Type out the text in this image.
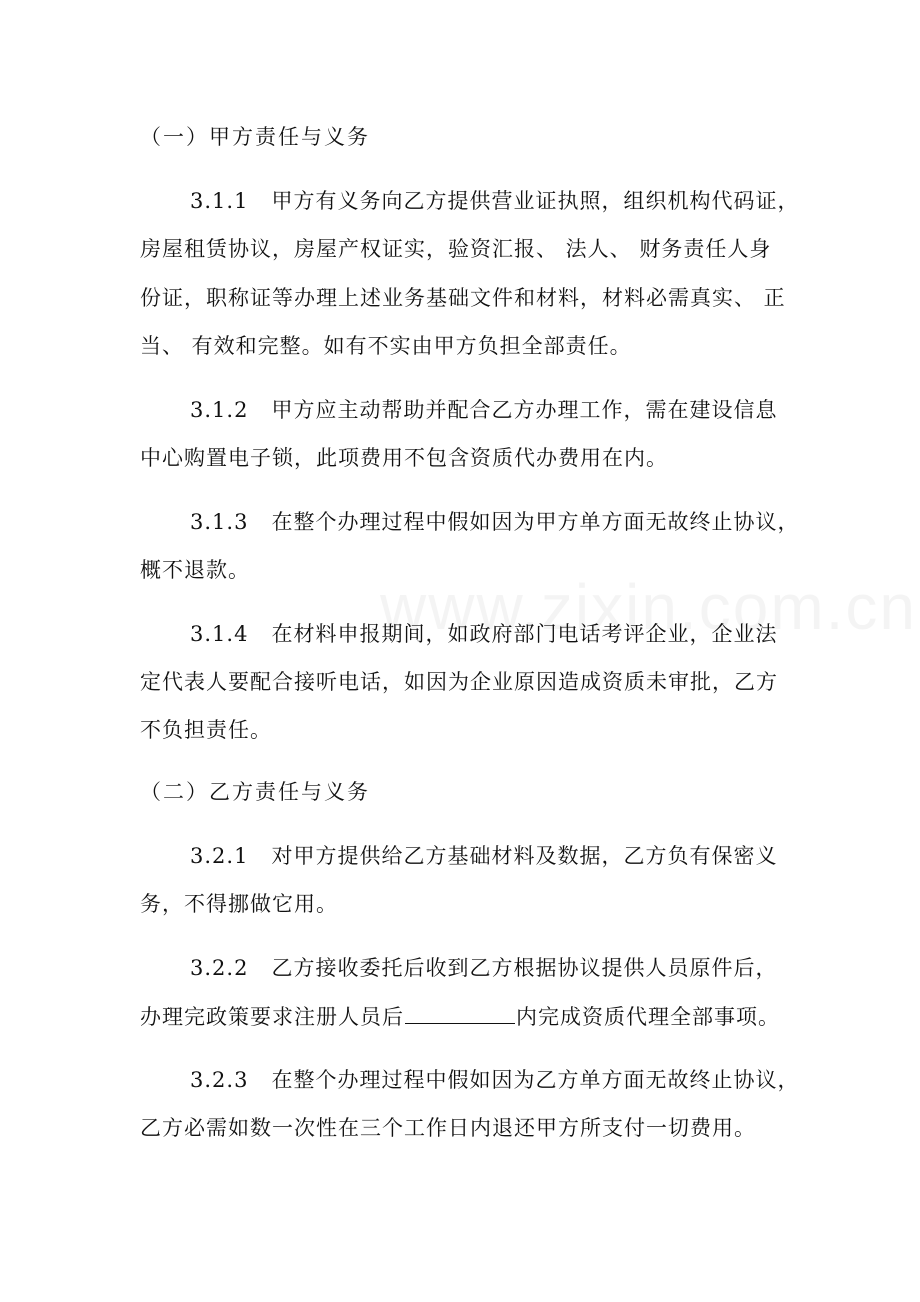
（一）甲方责任与义务
3.1.1 甲方有义务向乙方提供营业证执照，组织机构代码证，
房屋租赁协议，房屋产权证实，验资汇报、 法人、 财务责任人身
份证，职称证等办理上述业务基础文件和材料，材料必需真实、 正
当、 有效和完整。如有不实由甲方负担全部责任。
3.1.2 甲方应主动帮助并配合乙方办理工作，需在建设信息
中心购置电子锁，此项费用不包含资质代办费用在内。
3.1.3 在整个办理过程中假如因为甲方单方面无故终止协议，
概不退款。
3.1.4 在材料申报期间，如政府部门电话考评企业，企业法
定代表人要配合接听电话，如因为企业原因造成资质未审批，乙方
不负担责任。
（二）乙方责任与义务
3.2.1 对甲方提供给乙方基础材料及数据，乙方负有保密义
务，不得挪做它用。
3.2.2 乙方接收委托后收到乙方根据协议提供人员原件后，
办理完政策要求注册人员后	内完成资质代理全部事项。
3.2.3 在整个办理过程中假如因为乙方单方面无故终止协议，
乙方必需如数一次性在三个工作日内退还甲方所支付一切费用。
